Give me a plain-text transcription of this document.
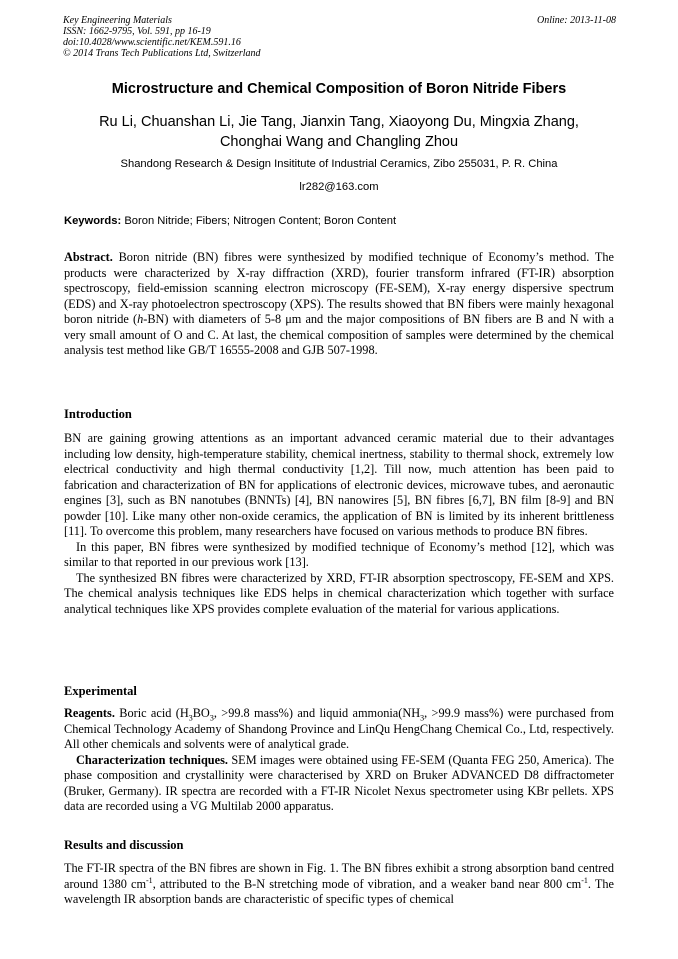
Key Engineering Materials
ISSN: 1662-9795, Vol. 591, pp 16-19
doi:10.4028/www.scientific.net/KEM.591.16
© 2014 Trans Tech Publications Ltd, Switzerland
Online: 2013-11-08
Microstructure and Chemical Composition of Boron Nitride Fibers
Ru Li, Chuanshan Li, Jie Tang, Jianxin Tang, Xiaoyong Du, Mingxia Zhang,
Chonghai Wang and Changling Zhou
Shandong Research & Design Insititute of Industrial Ceramics, Zibo 255031, P. R. China
lr282@163.com
Keywords: Boron Nitride; Fibers; Nitrogen Content; Boron Content

Abstract. Boron nitride (BN) fibres were synthesized by modified technique of Economy’s method. The products were characterized by X-ray diffraction (XRD), fourier transform infrared (FT-IR) absorption spectroscopy, field-emission scanning electron microscopy (FE-SEM), X-ray energy dispersive spectrum (EDS) and X-ray photoelectron spectroscopy (XPS). The results showed that BN fibers were mainly hexagonal boron nitride (h-BN) with diameters of 5-8 μm and the major compositions of BN fibers are B and N with a very small amount of O and C. At last, the chemical composition of samples were determined by the chemical analysis test method like GB/T 16555-2008 and GJB 507-1998.

Introduction

BN are gaining growing attentions as an important advanced ceramic material due to their advantages including low density, high-temperature stability, chemical inertness, stability to thermal shock, extremely low electrical conductivity and high thermal conductivity [1,2]. Till now, much attention has been paid to fabrication and characterization of BN for applications of electronic devices, microwave tubes, and aeronautic engines [3], such as BN nanotubes (BNNTs) [4], BN nanowires [5], BN fibres [6,7], BN film [8-9] and BN powder [10]. Like many other non-oxide ceramics, the application of BN is limited by its inherent brittleness [11]. To overcome this problem, many researchers have focused on various methods to produce BN fibres.

In this paper, BN fibres were synthesized by modified technique of Economy’s method [12], which was similar to that reported in our previous work [13].

The synthesized BN fibres were characterized by XRD, FT-IR absorption spectroscopy, FE-SEM and XPS. The chemical analysis techniques like EDS helps in chemical characterization which together with surface analytical techniques like XPS provides complete evaluation of the material for various applications.

Experimental

Reagents. Boric acid ($H_3BO_3$, >99.8 mass%) and liquid $ammonia(NH_3$, >99.9 mass%) were purchased from Chemical Technology Academy of Shandong Province and LinQu HengChang Chemical Co., Ltd, respectively. All other chemicals and solvents were of analytical grade.

Characterization techniques. SEM images were obtained using FE-SEM (Quanta FEG 250, America). The phase composition and crystallinity were characterised by XRD on Bruker ADVANCED D8 diffractometer (Bruker, Germany). IR spectra are recorded with a FT-IR Nicolet Nexus spectrometer using KBr pellets. XPS data are recorded using a VG Multilab 2000 apparatus.

Results and discussion

The FT-IR spectra of the BN fibres are shown in Fig. 1. The BN fibres exhibit a strong absorption band centred around 1380 $cm^{-1}$, attributed to the B-N stretching mode of vibration, and a weaker band near 800 $cm^{-1}$. The wavelength IR absorption bands are characteristic of specific types of chemical
